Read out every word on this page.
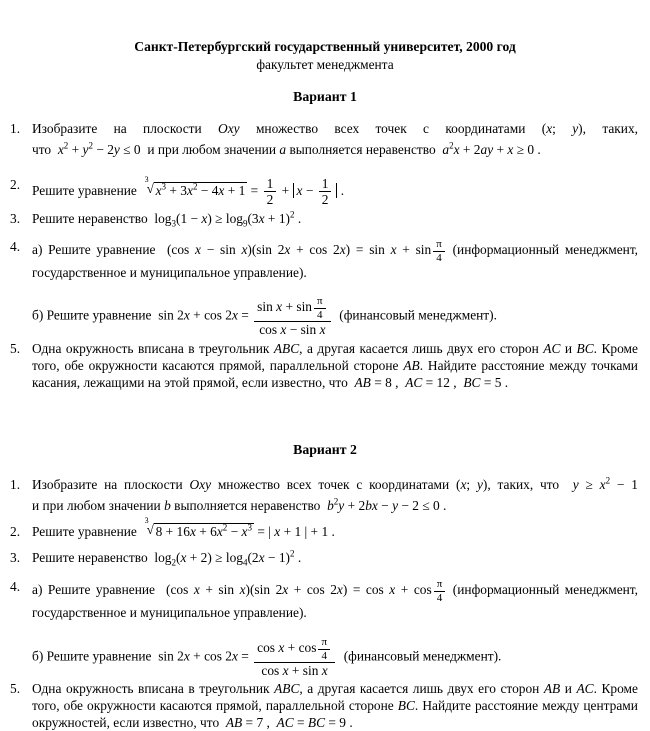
Санкт-Петербургский государственный университет, 2000 год
факультет менеджмента
Вариант 1
1. Изобразите на плоскости Oxy множество всех точек с координатами (x; y), таких,
что $x^2 + y^2 - 2y \le 0$  и при любом значении a выполняется неравенство $a^2x + 2ay + x \ge 0$ .
2. Решите уравнение
3
√ $x^3 + 3x^2 - 4x + 1 = \frac{1}{2} + x - \frac{1}{2}$ .
3. Решите неравенство  $\log_3(1 - x) \ge \log_9(3x + 1)^2$ .
4. а) Решите уравнение  (cos x − sin x)(sin $2x + \cos 2x) = \sin x + \sin \frac{\pi}{4}$ (информационный менеджмент,
государственное и муниципальное управление).
б) Решите уравнение  $\sin 2x + \cos 2x = \frac{\sin x + \sin \frac{\pi}{4}}{\text{cos x − sin x}}$ (финансовый менеджмент).
5. Одна окружность вписана в треугольник ABC, а другая касается лишь двух его сторон AC и BC. Кроме того, обе окружности касаются прямой, параллельной стороне AB. Найдите расстояние между точками касания, лежащими на этой прямой, если известно, что AB = 8 ,  AC = 12 ,  BC = 5 .
Вариант 2
1. Изобразите на плоскости Oxy множество всех точек с координатами (x; y), таких, что $y \ge x^2 - 1$
и при любом значении b выполняется неравенство $b^2y + 2bx - y - 2 \le 0$ .
2. Решите уравнение
3
√ $8 + 16x + 6x^2 - x^3$ = | x + 1 | + 1 .
3. Решите неравенство  $\log_2(x + 2) \ge \log_4(2x - 1)^2$ .
4. а) Решите уравнение  (cos x + sin x)(sin $2x + \cos 2x) = \cos x + \cos \frac{\pi}{4}$ (информационный менеджмент,
государственное и муниципальное управление).
б) Решите уравнение  $\sin 2x + \cos 2x = \frac{\cos x + \cos \frac{\pi}{4}}{\text{cos x + sin x}}$ (финансовый менеджмент).
5. Одна окружность вписана в треугольник ABC, а другая касается лишь двух его сторон AB и AC. Кроме того, обе окружности касаются прямой, параллельной стороне BC. Найдите расстояние между центрами окружностей, если известно, что AB = 7 ,  AC = BC = 9 .
